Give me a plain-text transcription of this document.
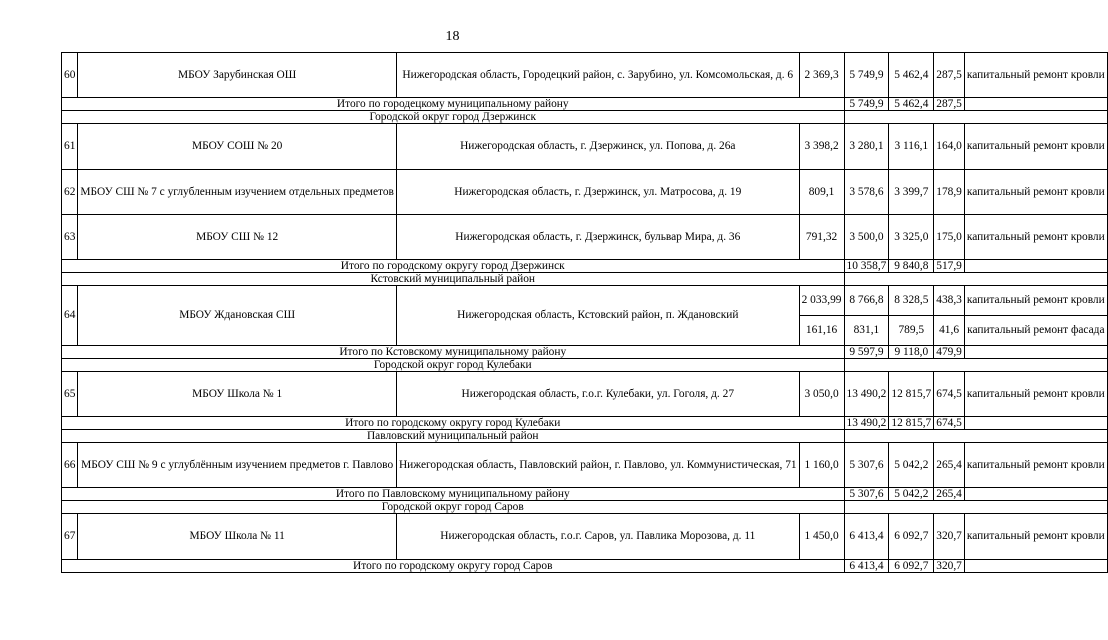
18
60	МБОУ Зарубинская ОШ	Нижегородская область, Городецкий район, с. Зарубино, ул. Комсомольская, д. 6	2 369,3	5 749,9	5 462,4	287,5	капитальный ремонт кровли
Итого по городецкому муниципальному району				5 749,9	5 462,4	287,5	
Городской округ город Дзержинск							
61	МБОУ СОШ № 20	Нижегородская область, г. Дзержинск, ул. Попова, д. 26а	3 398,2	3 280,1	3 116,1	164,0	капитальный ремонт кровли
62	МБОУ СШ № 7 с углубленным изучением отдельных предметов	Нижегородская область, г. Дзержинск, ул. Матросова, д. 19	809,1	3 578,6	3 399,7	178,9	капитальный ремонт кровли
63	МБОУ СШ № 12	Нижегородская область, г. Дзержинск, бульвар Мира, д. 36	791,32	3 500,0	3 325,0	175,0	капитальный ремонт кровли
Итого по городскому округу город Дзержинск				10 358,7	9 840,8	517,9	
Кстовский муниципальный район							
64	МБОУ Ждановская СШ	Нижегородская область, Кстовский район, п. Ждановский	2 033,99	8 766,8	8 328,5	438,3	капитальный ремонт кровли
			161,16	831,1	789,5	41,6	капитальный ремонт фасада
Итого по Кстовскому муниципальному району				9 597,9	9 118,0	479,9	
Городской округ город Кулебаки							
65	МБОУ Школа № 1	Нижегородская область, г.о.г. Кулебаки, ул. Гоголя, д. 27	3 050,0	13 490,2	12 815,7	674,5	капитальный ремонт кровли
Итого по городскому округу город Кулебаки				13 490,2	12 815,7	674,5	
Павловский муниципальный район							
66	МБОУ СШ № 9 с углублённым изучением предметов г. Павлово	Нижегородская область, Павловский район, г. Павлово, ул. Коммунистическая, 71	1 160,0	5 307,6	5 042,2	265,4	капитальный ремонт кровли
Итого по Павловскому муниципальному району				5 307,6	5 042,2	265,4	
Городской округ город Саров							
67	МБОУ Школа № 11	Нижегородская область, г.о.г. Саров, ул. Павлика Морозова, д. 11	1 450,0	6 413,4	6 092,7	320,7	капитальный ремонт кровли
Итого по городскому округу город Саров				6 413,4	6 092,7	320,7	
